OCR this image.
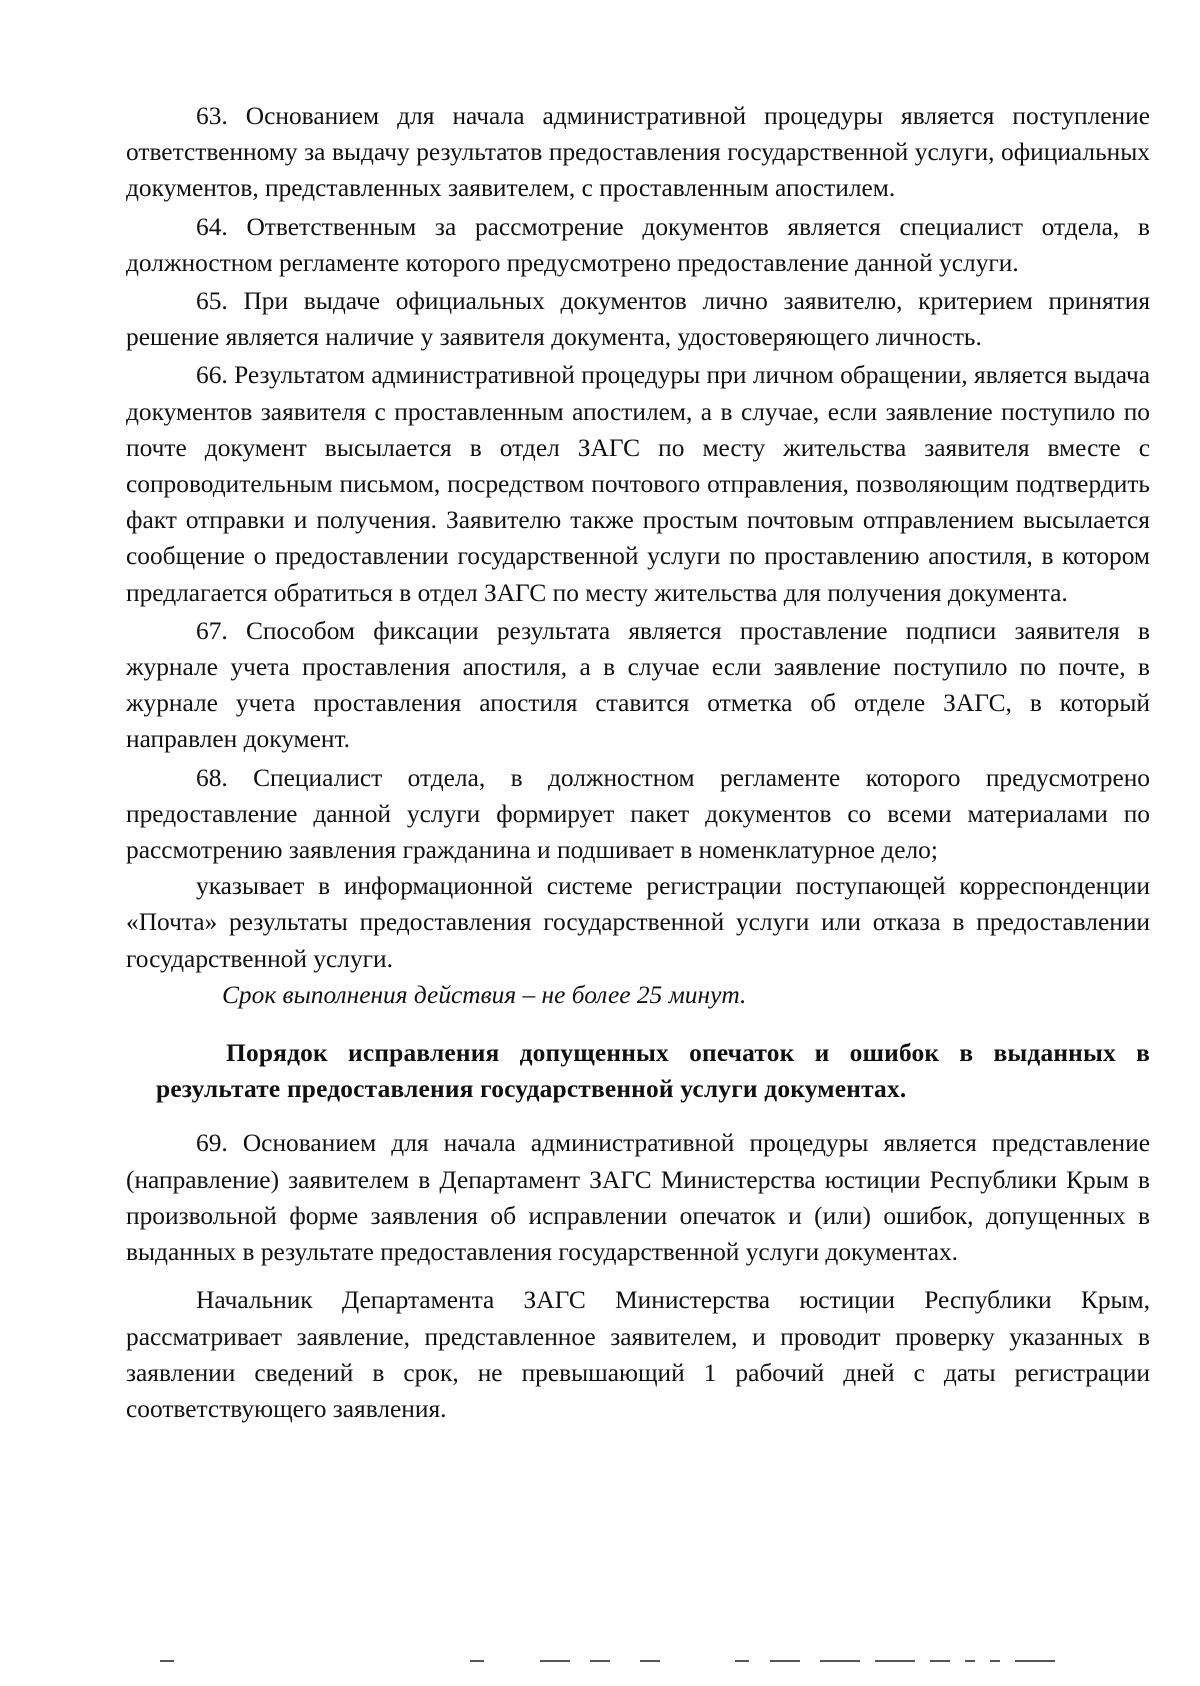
63. Основанием для начала административной процедуры является поступление ответственному за выдачу результатов предоставления государственной услуги, официальных документов, представленных заявителем, с проставленным апостилем.

64. Ответственным за рассмотрение документов является специалист отдела, в должностном регламенте которого предусмотрено предоставление данной услуги.

65. При выдаче официальных документов лично заявителю, критерием принятия решение является наличие у заявителя документа, удостоверяющего личность.

66. Результатом административной процедуры при личном обращении, является выдача документов заявителя с проставленным апостилем, а в случае, если заявление поступило по почте документ высылается в отдел ЗАГС по месту жительства заявителя вместе с сопроводительным письмом, посредством почтового отправления, позволяющим подтвердить факт отправки и получения. Заявителю также простым почтовым отправлением высылается сообщение о предоставлении государственной услуги по проставлению апостиля, в котором предлагается обратиться в отдел ЗАГС по месту жительства для получения документа.

67. Способом фиксации результата является проставление подписи заявителя в журнале учета проставления апостиля, а в случае если заявление поступило по почте, в журнале учета проставления апостиля ставится отметка об отделе ЗАГС, в который направлен документ.

68. Специалист отдела, в должностном регламенте которого предусмотрено предоставление данной услуги формирует пакет документов со всеми материалами по рассмотрению заявления гражданина и подшивает в номенклатурное дело;

указывает в информационной системе регистрации поступающей корреспонденции «Почта» результаты предоставления государственной услуги или отказа в предоставлении государственной услуги.

Срок выполнения действия – не более 25 минут.

Порядок исправления допущенных опечаток и ошибок в выданных в результате предоставления государственной услуги документах.

69. Основанием для начала административной процедуры является представление (направление) заявителем в Департамент ЗАГС Министерства юстиции Республики Крым в произвольной форме заявления об исправлении опечаток и (или) ошибок, допущенных в выданных в результате предоставления государственной услуги документах.

Начальник Департамента ЗАГС Министерства юстиции Республики Крым, рассматривает заявление, представленное заявителем, и проводит проверку указанных в заявлении сведений в срок, не превышающий 1 рабочий дней с даты регистрации соответствующего заявления.
